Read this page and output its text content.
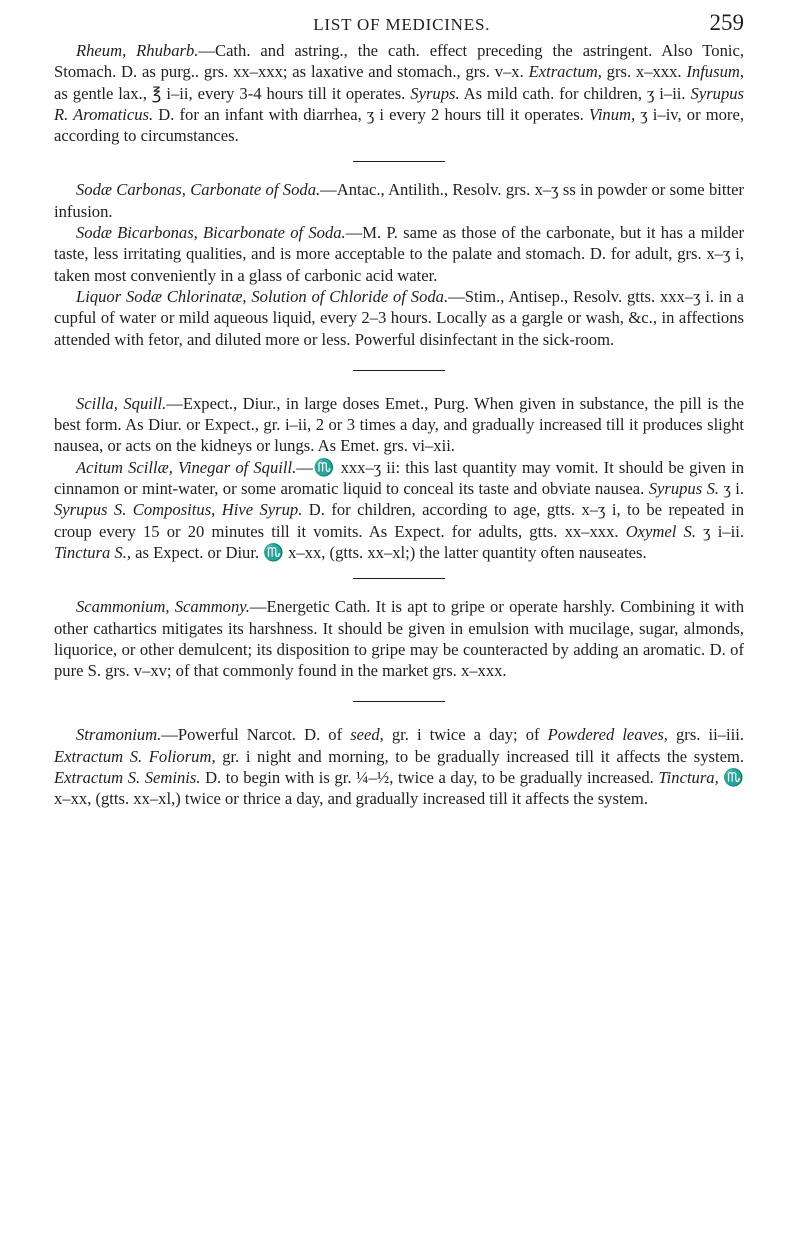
LIST OF MEDICINES.	259

Rheum, Rhubarb.—Cath. and astring., the cath. effect preceding the astringent. Also Tonic, Stomach. D. as purg.. grs. xx–xxx; as laxative and stomach., grs. v–x. Extractum, grs. x–xxx. Infusum, as gentle lax., ℥ i–ii, every 3-4 hours till it operates. Syrups. As mild cath. for children, ʒ i–ii. Syrupus R. Aromaticus. D. for an infant with diarrhea, ʒ i every 2 hours till it operates. Vinum, ʒ i–iv, or more, according to circumstances.

Sodæ Carbonas, Carbonate of Soda.—Antac., Antilith., Resolv. grs. x–ʒ ss in powder or some bitter infusion.

Sodæ Bicarbonas, Bicarbonate of Soda.—M. P. same as those of the carbonate, but it has a milder taste, less irritating qualities, and is more acceptable to the palate and stomach. D. for adult, grs. x–ʒ i, taken most conveniently in a glass of carbonic acid water.

Liquor Sodæ Chlorinatæ, Solution of Chloride of Soda.—Stim., Antisep., Resolv. gtts. xxx–ʒ i. in a cupful of water or mild aqueous liquid, every 2–3 hours. Locally as a gargle or wash, &c., in affections attended with fetor, and diluted more or less. Powerful disinfectant in the sick-room.

Scilla, Squill.—Expect., Diur., in large doses Emet., Purg. When given in substance, the pill is the best form. As Diur. or Expect., gr. i–ii, 2 or 3 times a day, and gradually increased till it produces slight nausea, or acts on the kidneys or lungs. As Emet. grs. vi–xii.

Acitum Scillæ, Vinegar of Squill.—♏ xxx–ʒ ii: this last quantity may vomit. It should be given in cinnamon or mint-water, or some aromatic liquid to conceal its taste and obviate nausea. Syrupus S. ʒ i. Syrupus S. Compositus, Hive Syrup. D. for children, according to age, gtts. x–ʒ i, to be repeated in croup every 15 or 20 minutes till it vomits. As Expect. for adults, gtts. xx–xxx. Oxymel S. ʒ i–ii. Tinctura S., as Expect. or Diur. ♏ x–xx, (gtts. xx–xl;) the latter quantity often nauseates.

Scammonium, Scammony.—Energetic Cath. It is apt to gripe or operate harshly. Combining it with other cathartics mitigates its harshness. It should be given in emulsion with mucilage, sugar, almonds, liquorice, or other demulcent; its disposition to gripe may be counteracted by adding an aromatic. D. of pure S. grs. v–xv; of that commonly found in the market grs. x–xxx.

Stramonium.—Powerful Narcot. D. of seed, gr. i twice a day; of Powdered leaves, grs. ii–iii. Extractum S. Foliorum, gr. i night and morning, to be gradually increased till it affects the system. Extractum S. Seminis. D. to begin with is gr. ¼–½, twice a day, to be gradually increased. Tinctura, ♏ x–xx, (gtts. xx–xl,) twice or thrice a day, and gradually increased till it affects the system.
